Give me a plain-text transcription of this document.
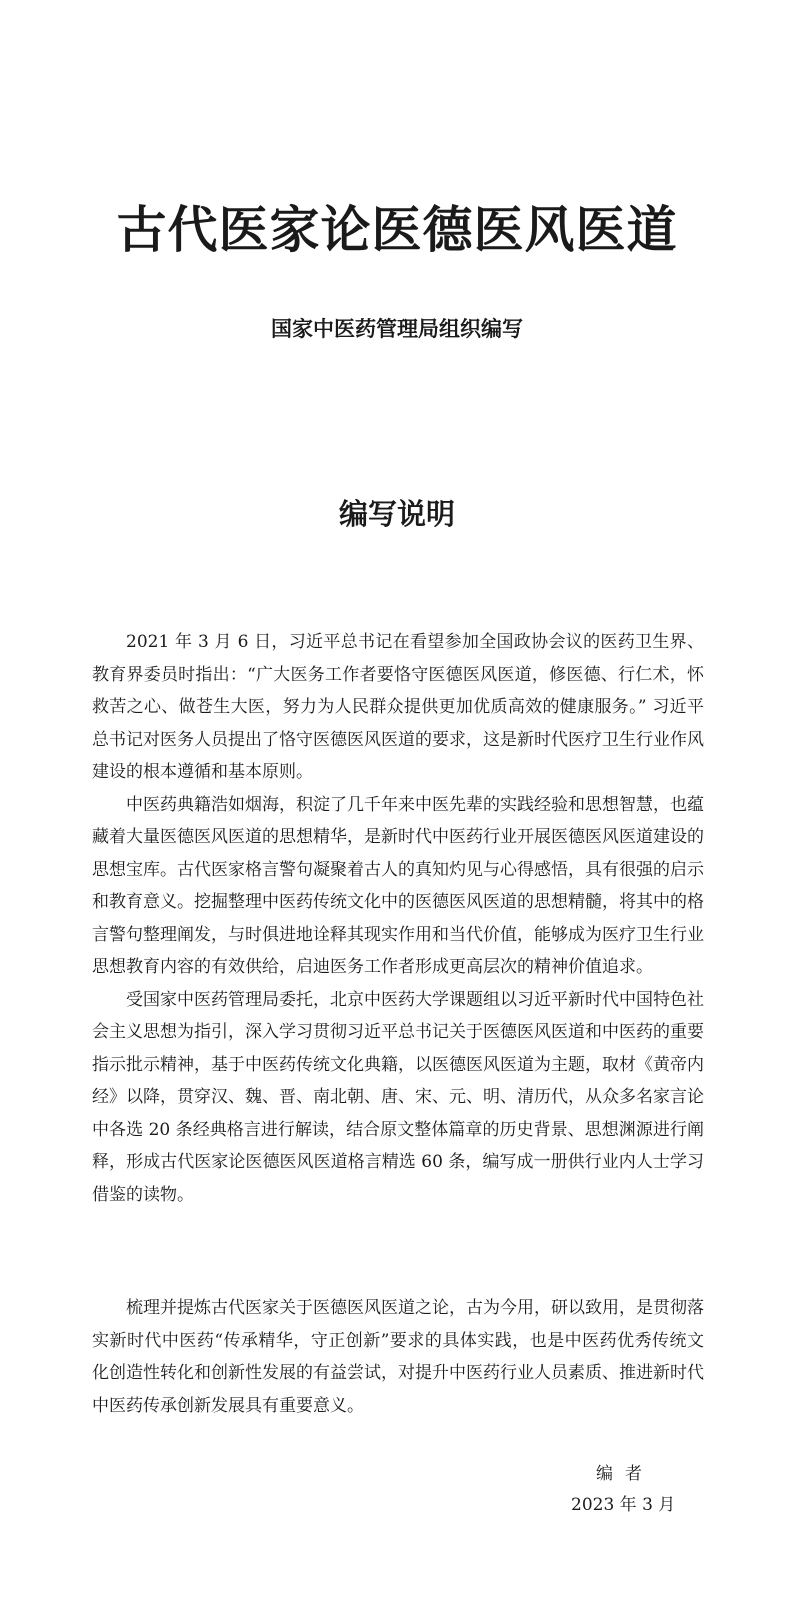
古代医家论医德医风医道
国家中医药管理局组织编写
编写说明

2021 年 3 月 6 日，习近平总书记在看望参加全国政协会议的医药卫生界、教育界委员时指出：“广大医务工作者要恪守医德医风医道，修医德、行仁术，怀救苦之心、做苍生大医，努力为人民群众提供更加优质高效的健康服务。” 习近平总书记对医务人员提出了恪守医德医风医道的要求，这是新时代医疗卫生行业作风建设的根本遵循和基本原则。

中医药典籍浩如烟海，积淀了几千年来中医先辈的实践经验和思想智慧，也蕴藏着大量医德医风医道的思想精华，是新时代中医药行业开展医德医风医道建设的思想宝库。古代医家格言警句凝聚着古人的真知灼见与心得感悟，具有很强的启示和教育意义。挖掘整理中医药传统文化中的医德医风医道的思想精髓，将其中的格言警句整理阐发，与时俱进地诠释其现实作用和当代价值，能够成为医疗卫生行业思想教育内容的有效供给，启迪医务工作者形成更高层次的精神价值追求。

受国家中医药管理局委托，北京中医药大学课题组以习近平新时代中国特色社会主义思想为指引，深入学习贯彻习近平总书记关于医德医风医道和中医药的重要指示批示精神，基于中医药传统文化典籍，以医德医风医道为主题，取材《黄帝内经》以降，贯穿汉、魏、晋、南北朝、唐、宋、元、明、清历代，从众多名家言论中各选 20 条经典格言进行解读，结合原文整体篇章的历史背景、思想渊源进行阐释，形成古代医家论医德医风医道格言精选 60 条，编写成一册供行业内人士学习借鉴的读物。

梳理并提炼古代医家关于医德医风医道之论，古为今用，研以致用，是贯彻落实新时代中医药“传承精华，守正创新”要求的具体实践，也是中医药优秀传统文化创造性转化和创新性发展的有益尝试，对提升中医药行业人员素质、推进新时代中医药传承创新发展具有重要意义。

编者

2023 年 3 月
